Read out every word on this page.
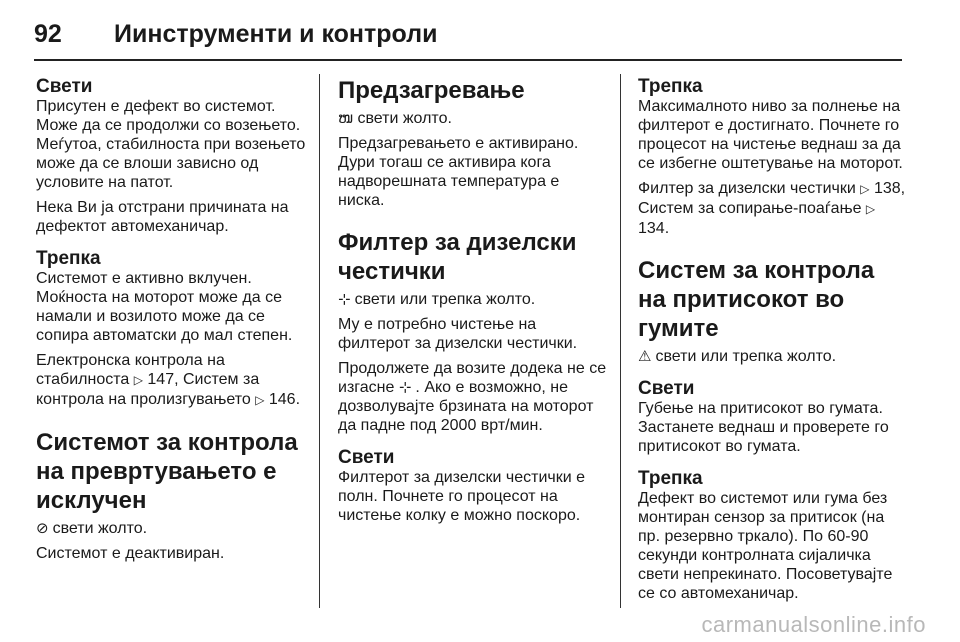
92	Иинструменти и контроли
Свети

Присутен е дефект во системот. Може да се продолжи со возењето. Меѓутоа, стабилноста при возењето може да се влоши зависно од условите на патот.

Нека Ви ја отстрани причината на дефектот автомеханичар.

Трепка

Системот е активно вклучен. Моќноста на моторот може да се намали и возилото може да се сопира автоматски до мал степен.

Електронска контрола на стабилноста ▷ 147, Систем за контрола на пролизгувањето ▷ 146.

Системот за контрола на превртувањето е исклучен

⊘ свети жолто.

Системот е деактивиран.

Предзагревање

ໜ свети жолто.

Предзагревањето е активирано. Дури тогаш се активира кога надворешната температура е ниска.

Филтер за дизелски честички

⊹ свети или трепка жолто.

Му е потребно чистење на филтерот за дизелски честички.

Продолжете да возите додека не се изгасне ⊹ . Ако е возможно, не дозволувајте брзината на моторот да падне под 2000 врт/мин.

Свети

Филтерот за дизелски честички е полн. Почнете го процесот на чистење колку е можно поскоро.

Трепка

Максималното ниво за полнење на филтерот е достигнато. Почнете го процесот на чистење веднаш за да се избегне оштетување на моторот.

Филтер за дизелски честички ▷ 138, Систем за сопирање-поаѓање ▷ 134.

Систем за контрола на притисокот во гумите

⚠ свети или трепка жолто.

Свети

Губење на притисокот во гумата. Застанете веднаш и проверете го притисокот во гумата.

Трепка

Дефект во системот или гума без монтиран сензор за притисок (на пр. резервно тркало). По 60-90 секунди контролната сијаличка свети непрекинато. Посоветувајте се со автомеханичар.

carmanualsonline.info
